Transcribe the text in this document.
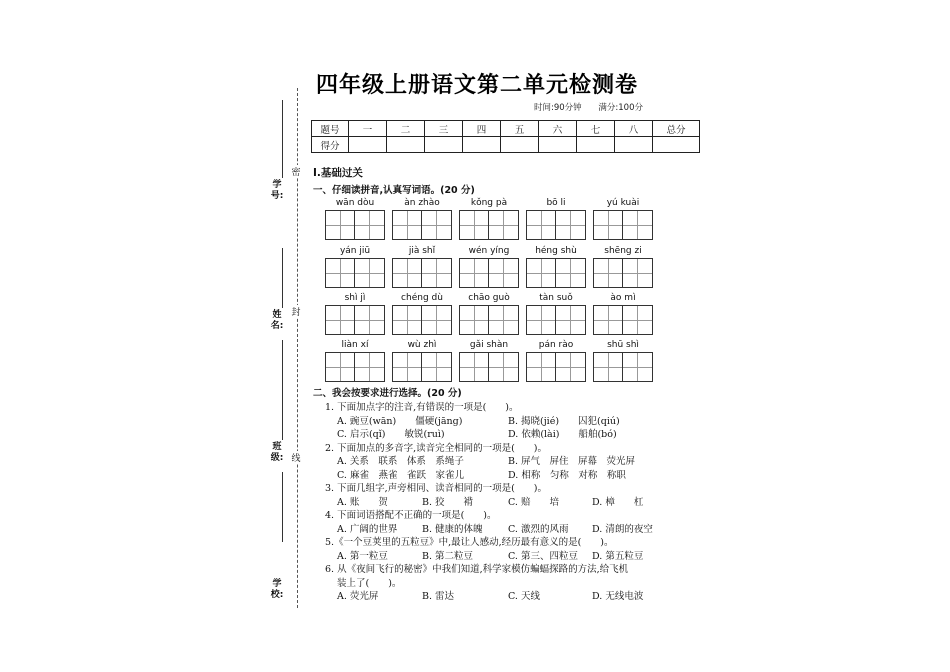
密
封
线
学号:
姓名:
班级:
学校:
四年级上册语文第二单元检测卷
时间:90分钟 满分:100分
题号	一	二	三	四	五	六	七	八	总分
得分									
Ⅰ.基础过关
一、仔细读拼音,认真写词语。(20 分)
wān dòu	àn zhào	kǒng pà	bō li	yú kuài
yán jiū	jià shǐ	wén yíng	héng shù	shēng zi
shì jì	chéng dù	chāo guò	tàn suǒ	ào mì
liàn xí	wù zhì	gǎi shàn	pán rào	shū shì
二、我会按要求进行选择。(20 分)
1. 下面加点字的注音,有错误的一项是(　　)。
A. 豌豆(wān)　　僵硬(jāng)	B. 揭晓(jié)　　囚犯(qiú)
C. 启示(qǐ)　　敏锐(ruì)	D. 依赖(lài)　　船舶(bó)
2. 下面加点的多音字,读音完全相同的一项是(　　)。
A. 关系　联系　体系　系绳子	B. 屏气　屏住　屏幕　荧光屏
C. 麻雀　燕雀　雀跃　家雀儿	D. 相称　匀称　对称　称职
3. 下面几组字,声旁相同、读音相同的一项是(　　)。
A. 账　　贺	B. 狡　　褙	C. 赔　　培	D. 樟　　杠
4. 下面词语搭配不正确的一项是(　　)。
A. 广阔的世界	B. 健康的体魄	C. 激烈的风雨 D. 清朗的夜空
5.《一个豆荚里的五粒豆》中,最让人感动,经历最有意义的是(　　)。
A. 第一粒豆	B. 第二粒豆	C. 第三、四粒豆 D. 第五粒豆
6. 从《夜间飞行的秘密》中我们知道,科学家模仿蝙蝠探路的方法,给飞机
装上了(　　)。
A. 荧光屏	B. 雷达	C. 天线	D. 无线电波
